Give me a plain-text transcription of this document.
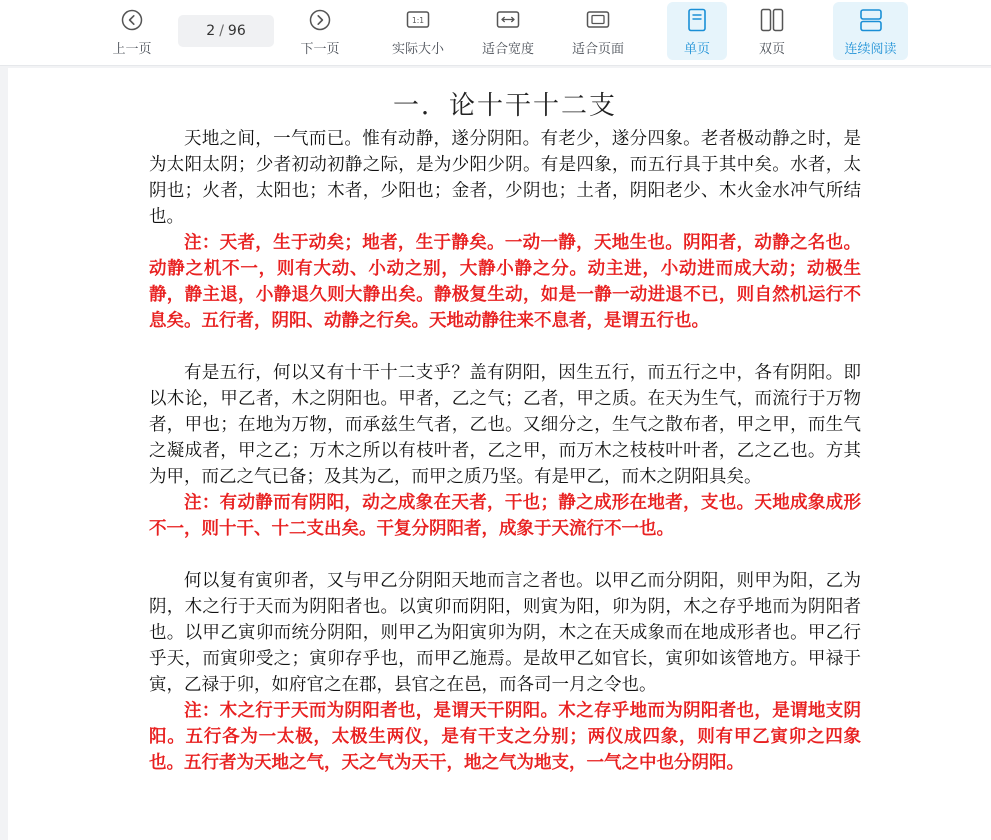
上一页
2 / 96
下一页
1:1
实际大小	适合宽度	适合页面	单页	双页	连续阅读
一．论十干十二支

天地之间，一气而已。惟有动静，遂分阴阳。有老少，遂分四象。老者极动静之时，是为太阳太阴；少者初动初静之际，是为少阳少阴。有是四象，而五行具于其中矣。水者，太阴也；火者，太阳也；木者，少阳也；金者，少阴也；土者，阴阳老少、木火金水冲气所结也。

注：天者，生于动矣；地者，生于静矣。一动一静，天地生也。阴阳者，动静之名也。动静之机不一，则有大动、小动之别，大静小静之分。动主进，小动进而成大动；动极生静，静主退，小静退久则大静出矣。静极复生动，如是一静一动进退不已，则自然机运行不息矣。五行者，阴阳、动静之行矣。天地动静往来不息者，是谓五行也。

有是五行，何以又有十干十二支乎？盖有阴阳，因生五行，而五行之中，各有阴阳。即以木论，甲乙者，木之阴阳也。甲者，乙之气；乙者，甲之质。在天为生气，而流行于万物者，甲也；在地为万物，而承兹生气者，乙也。又细分之，生气之散布者，甲之甲，而生气之凝成者，甲之乙；万木之所以有枝叶者，乙之甲，而万木之枝枝叶叶者，乙之乙也。方其为甲，而乙之气已备；及其为乙，而甲之质乃坚。有是甲乙，而木之阴阳具矣。

注：有动静而有阴阳，动之成象在天者，干也；静之成形在地者，支也。天地成象成形不一，则十干、十二支出矣。干复分阴阳者，成象于天流行不一也。

何以复有寅卯者，又与甲乙分阴阳天地而言之者也。以甲乙而分阴阳，则甲为阳，乙为阴，木之行于天而为阴阳者也。以寅卯而阴阳，则寅为阳，卯为阴，木之存乎地而为阴阳者也。以甲乙寅卯而统分阴阳，则甲乙为阳寅卯为阴，木之在天成象而在地成形者也。甲乙行乎天，而寅卯受之；寅卯存乎也，而甲乙施焉。是故甲乙如官长，寅卯如该管地方。甲禄于寅，乙禄于卯，如府官之在郡，县官之在邑，而各司一月之令也。

注：木之行于天而为阴阳者也，是谓天干阴阳。木之存乎地而为阴阳者也，是谓地支阴阳。五行各为一太极，太极生两仪，是有干支之分别；两仪成四象，则有甲乙寅卯之四象也。五行者为天地之气，天之气为天干，地之气为地支，一气之中也分阴阳。
